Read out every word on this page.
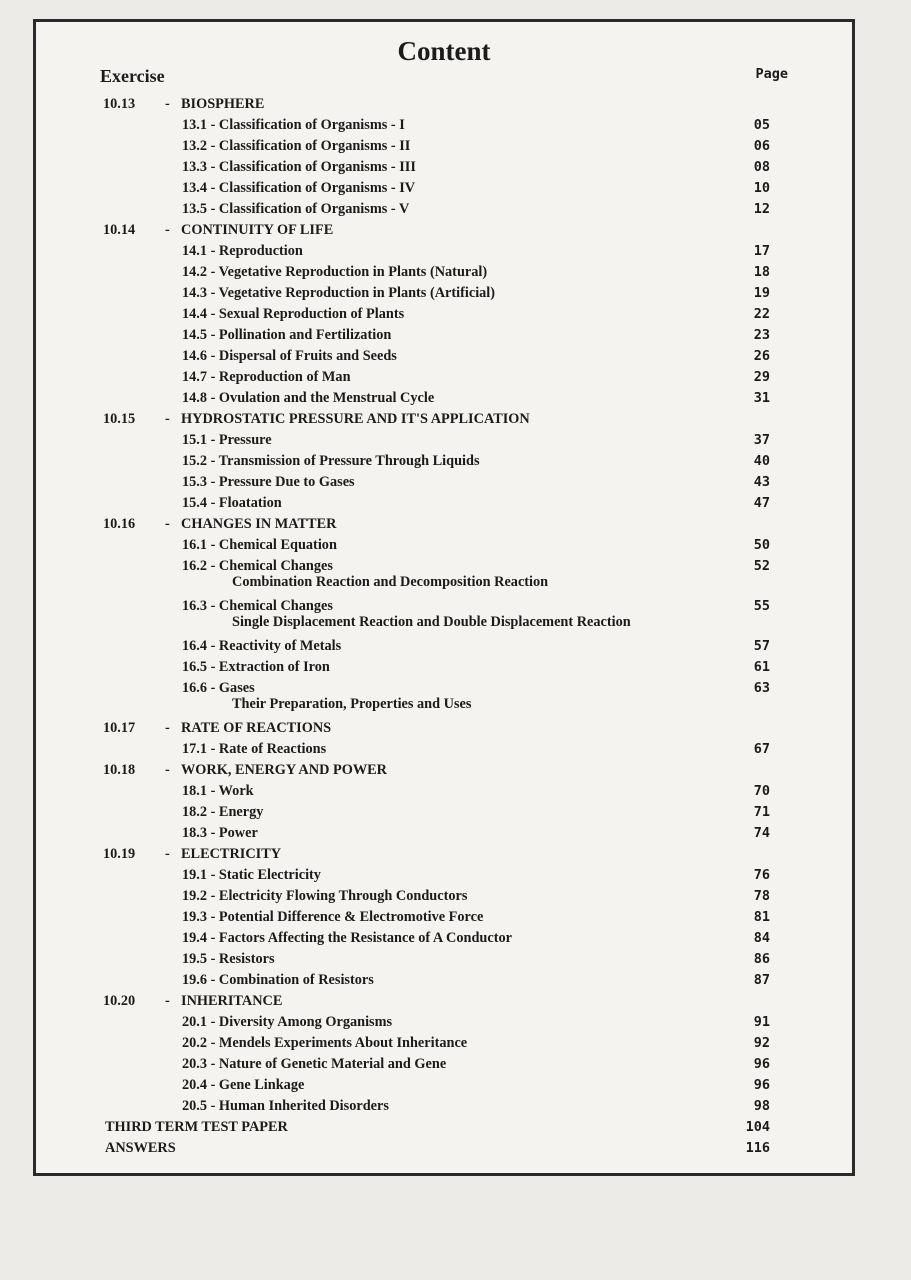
Content
Exercise	Page
10.13 - BIOSPHERE
13.1 - Classification of Organisms - I	05
13.2 - Classification of Organisms - II	06
13.3 - Classification of Organisms - III	08
13.4 - Classification of Organisms - IV	10
13.5 - Classification of Organisms - V	12
10.14 - CONTINUITY OF LIFE
14.1 - Reproduction	17
14.2 - Vegetative Reproduction in Plants (Natural)	18
14.3 - Vegetative Reproduction in Plants (Artificial)	19
14.4 - Sexual Reproduction of Plants	22
14.5 - Pollination and Fertilization	23
14.6 - Dispersal of Fruits and Seeds	26
14.7 - Reproduction of Man	29
14.8 - Ovulation and the Menstrual Cycle	31
10.15 - HYDROSTATIC PRESSURE AND IT'S APPLICATION
15.1 - Pressure	37
15.2 - Transmission of Pressure Through Liquids	40
15.3 - Pressure Due to Gases	43
15.4 - Floatation	47
10.16 - CHANGES IN MATTER
16.1 - Chemical Equation	50
16.2 - Chemical Changes	52
Combination Reaction and Decomposition Reaction
16.3 - Chemical Changes	55
Single Displacement Reaction and Double Displacement Reaction
16.4 - Reactivity of Metals	57
16.5 - Extraction of Iron	61
16.6 - Gases	63
Their Preparation, Properties and Uses
10.17 - RATE OF REACTIONS
17.1 - Rate of Reactions	67
10.18 - WORK, ENERGY AND POWER
18.1 - Work	70
18.2 - Energy	71
18.3 - Power	74
10.19 - ELECTRICITY
19.1 - Static Electricity	76
19.2 - Electricity Flowing Through Conductors	78
19.3 - Potential Difference & Electromotive Force	81
19.4 - Factors Affecting the Resistance of A Conductor	84
19.5 - Resistors	86
19.6 - Combination of Resistors	87
10.20 - INHERITANCE
20.1 - Diversity Among Organisms	91
20.2 - Mendels Experiments About Inheritance	92
20.3 - Nature of Genetic Material and Gene	96
20.4 - Gene Linkage	96
20.5 - Human Inherited Disorders	98
THIRD TERM TEST PAPER	104
ANSWERS	116
